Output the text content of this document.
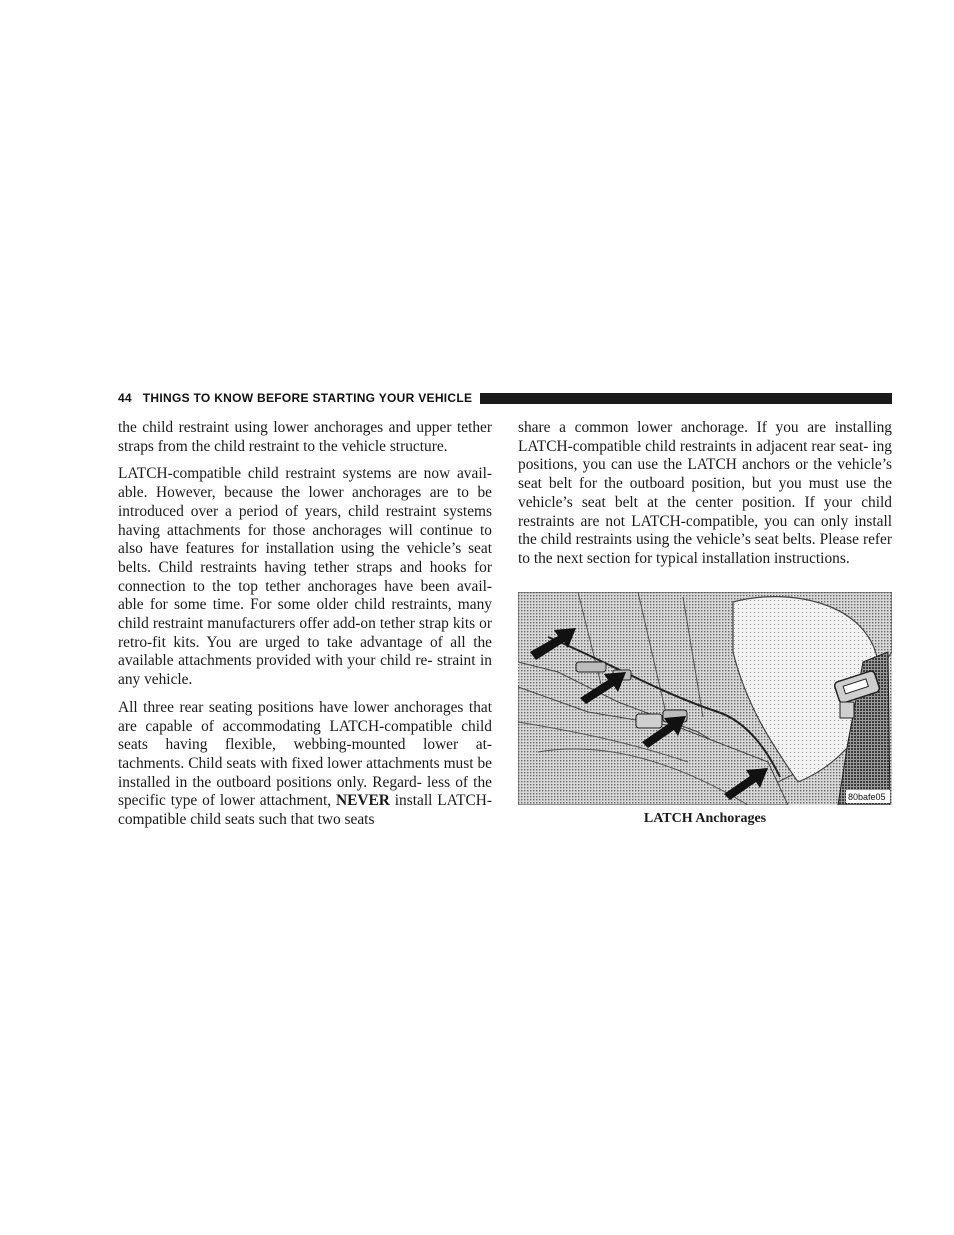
44 THINGS TO KNOW BEFORE STARTING YOUR VEHICLE

the child restraint using lower anchorages and upper tether straps from the child restraint to the vehicle structure.

LATCH-compatible child restraint systems are now avail- able. However, because the lower anchorages are to be introduced over a period of years, child restraint systems having attachments for those anchorages will continue to also have features for installation using the vehicle’s seat belts. Child restraints having tether straps and hooks for connection to the top tether anchorages have been avail- able for some time. For some older child restraints, many child restraint manufacturers offer add-on tether strap kits or retro-fit kits. You are urged to take advantage of all the available attachments provided with your child re- straint in any vehicle.

All three rear seating positions have lower anchorages that are capable of accommodating LATCH-compatible child seats having flexible, webbing-mounted lower at- tachments. Child seats with fixed lower attachments must be installed in the outboard positions only. Regard- less of the specific type of lower attachment, NEVER install LATCH-compatible child seats such that two seats

share a common lower anchorage. If you are installing LATCH-compatible child restraints in adjacent rear seat- ing positions, you can use the LATCH anchors or the vehicle’s seat belt for the outboard position, but you must use the vehicle’s seat belt at the center position. If your child restraints are not LATCH-compatible, you can only install the child restraints using the vehicle’s seat belts. Please refer to the next section for typical installation instructions.

80bafe05
LATCH Anchorages
